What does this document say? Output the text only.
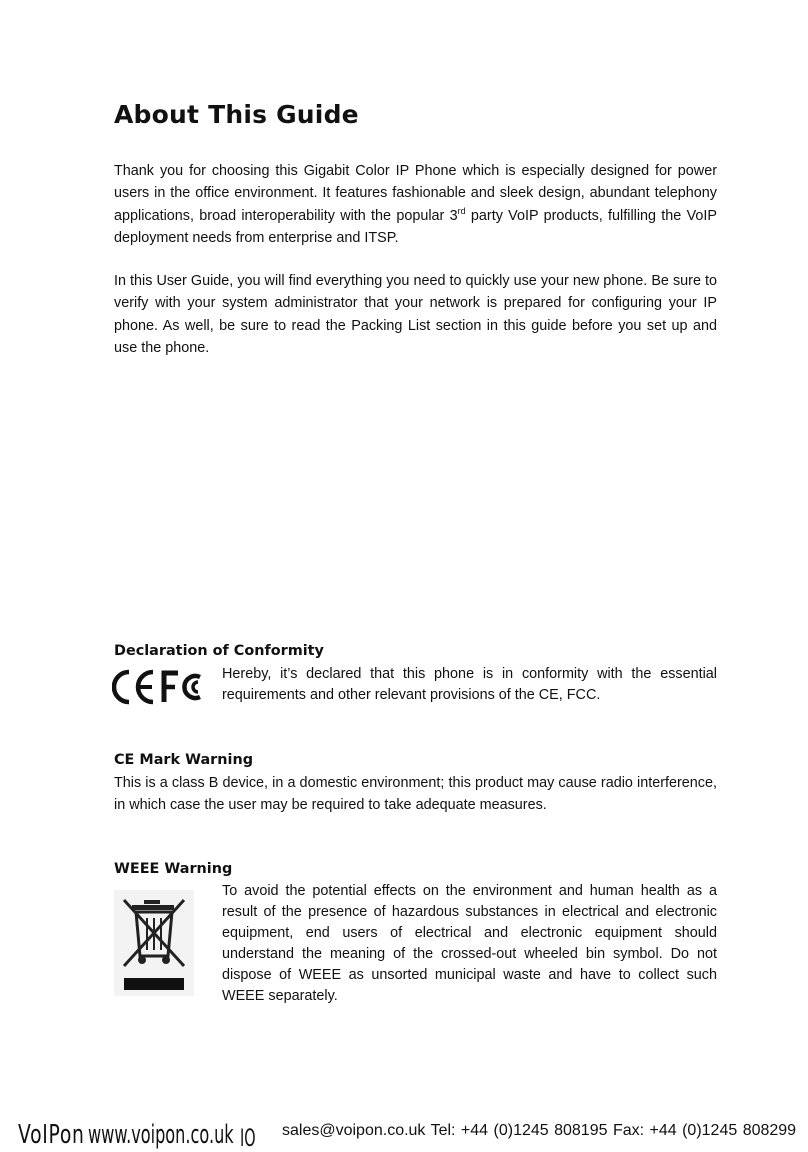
About This Guide

Thank you for choosing this Gigabit Color IP Phone which is especially designed for power users in the office environment. It features fashionable and sleek design, abundant telephony applications, broad interoperability with the popular 3rd party VoIP products, fulfilling the VoIP deployment needs from enterprise and ITSP.

In this User Guide, you will find everything you need to quickly use your new phone. Be sure to verify with your system administrator that your network is prepared for configuring your IP phone. As well, be sure to read the Packing List section in this guide before you set up and use the phone.

Declaration of Conformity

Hereby, it’s declared that this phone is in conformity with the essential requirements and other relevant provisions of the CE, FCC.

CE Mark Warning

This is a class B device, in a domestic environment; this product may cause radio interference, in which case the user may be required to take adequate measures.

WEEE Warning

To avoid the potential effects on the environment and human health as a result of the presence of hazardous substances in electrical and electronic equipment, end users of electrical and electronic equipment should understand the meaning of the crossed-out wheeled bin symbol. Do not dispose of WEEE as unsorted municipal waste and have to collect such WEEE separately.

VoIPon www.voipon.co.uk IO sales@voipon.co.uk Tel: +44 (0)1245 808195 Fax: +44 (0)1245 808299
